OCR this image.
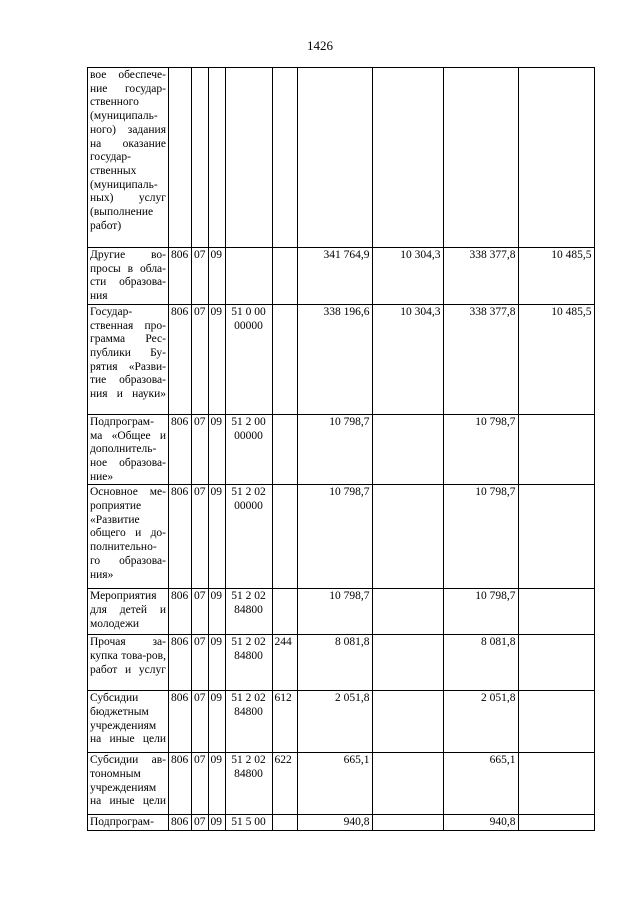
1426
вое обеспече-ние государ-ственного (муниципаль-ного) задания на оказание государ-ственных (муниципаль-ных) услуг (выполнение работ)									
Другие во-просы в обла-сти образова-ния	806	07	09			341 764,9	10 304,3	338 377,8	10 485,5
Государ-ственная про-грамма Рес-публики Бу-рятия «Разви-тие образова-ния и науки»	806	07	09	51 0 00 00000		338 196,6	10 304,3	338 377,8	10 485,5
Подпрограм-ма «Общее и дополнитель-ное образова-ние»	806	07	09	51 2 00 00000		10 798,7		10 798,7	
Основное ме-роприятие «Развитие общего и до-полнительно-го образова-ния»	806	07	09	51 2 02 00000		10 798,7		10 798,7	
Мероприятия для детей и молодежи	806	07	09	51 2 02 84800		10 798,7		10 798,7	
Прочая за-купка това-ров, работ и услуг	806	07	09	51 2 02 84800	244	8 081,8		8 081,8	
Субсидии бюджетным учреждениям на иные цели	806	07	09	51 2 02 84800	612	2 051,8		2 051,8	
Субсидии ав-тономным учреждениям на иные цели	806	07	09	51 2 02 84800	622	665,1		665,1	
Подпрограм-	806	07	09	51 5 00		940,8		940,8	
